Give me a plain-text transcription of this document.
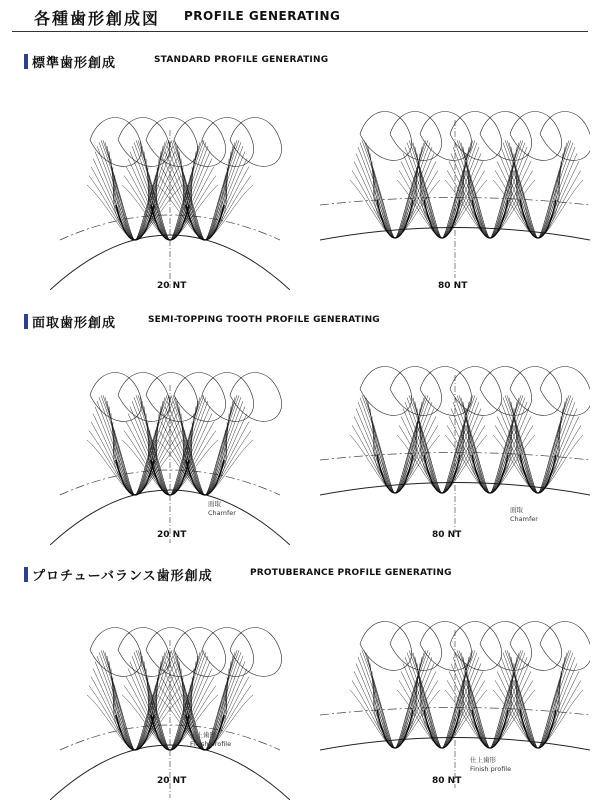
各種歯形創成図 PROFILE GENERATING
標準歯形創成	STANDARD PROFILE GENERATING
20 NT	80 NT
面取歯形創成	SEMI-TOPPING TOOTH PROFILE GENERATING
20 NT	80 NT
面取
Chamfer	面取
Chamfer
プロチューバランス歯形創成	PROTUBERANCE PROFILE GENERATING
20 NT	80 NT
仕上歯形
Finish profile
仕上歯形
Finish profile
